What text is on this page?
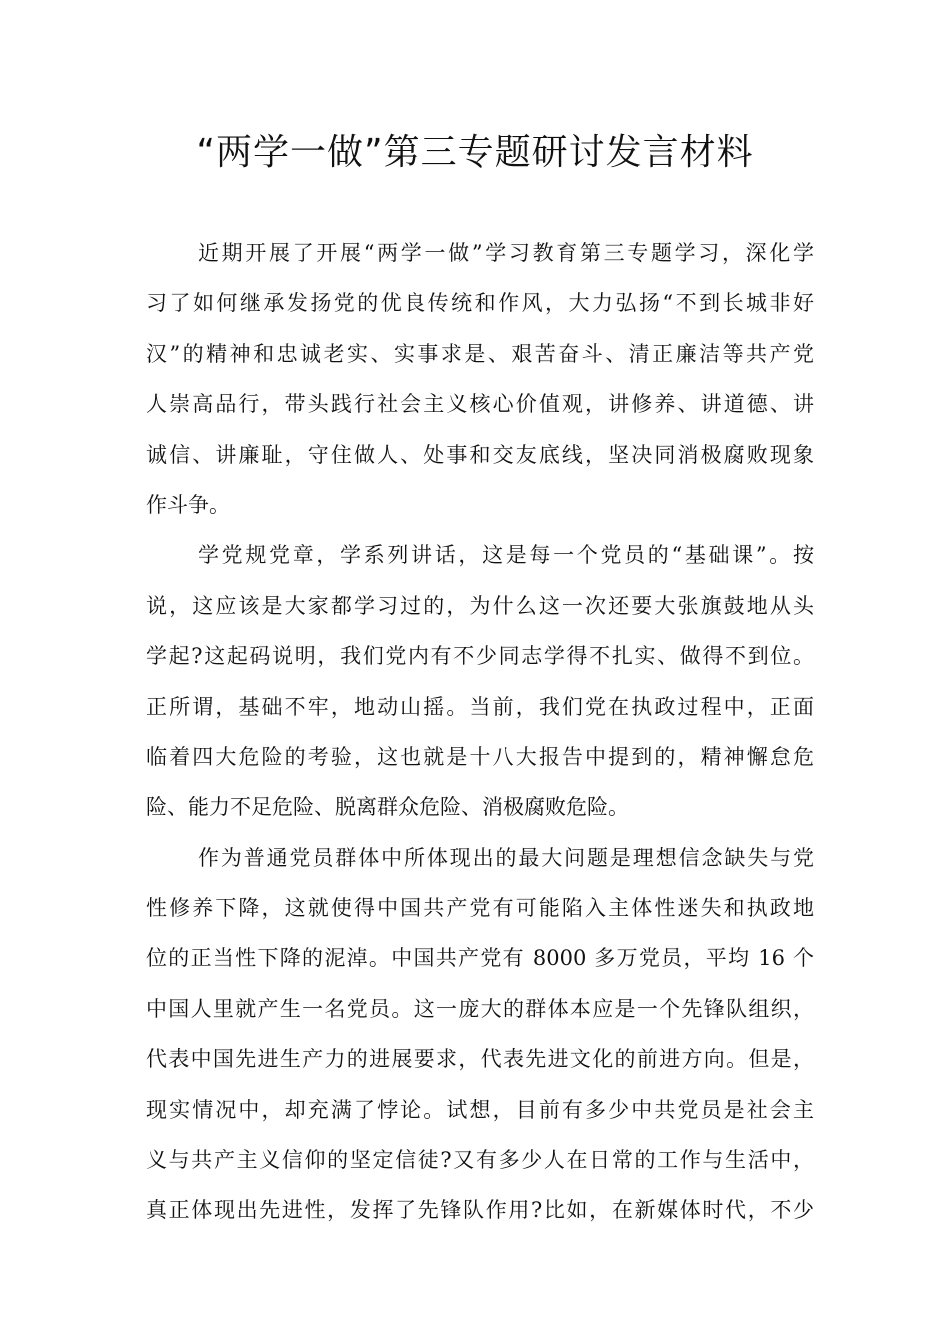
“两学一做”第三专题研讨发言材料

近期开展了开展“两学一做”学习教育第三专题学习，深化学
习了如何继承发扬党的优良传统和作风，大力弘扬“不到长城非好
汉”的精神和忠诚老实、实事求是、艰苦奋斗、清正廉洁等共产党
人崇高品行，带头践行社会主义核心价值观，讲修养、讲道德、讲
诚信、讲廉耻，守住做人、处事和交友底线，坚决同消极腐败现象
作斗争。

学党规党章，学系列讲话，这是每一个党员的“基础课”。按
说，这应该是大家都学习过的，为什么这一次还要大张旗鼓地从头
学起?这起码说明，我们党内有不少同志学得不扎实、做得不到位。
正所谓，基础不牢，地动山摇。当前，我们党在执政过程中，正面
临着四大危险的考验，这也就是十八大报告中提到的，精神懈怠危
险、能力不足危险、脱离群众危险、消极腐败危险。

作为普通党员群体中所体现出的最大问题是理想信念缺失与党
性修养下降，这就使得中国共产党有可能陷入主体性迷失和执政地
位的正当性下降的泥淖。中国共产党有 8000 多万党员，平均 16 个
中国人里就产生一名党员。这一庞大的群体本应是一个先锋队组织，
代表中国先进生产力的进展要求，代表先进文化的前进方向。但是，
现实情况中，却充满了悖论。试想，目前有多少中共党员是社会主
义与共产主义信仰的坚定信徒?又有多少人在日常的工作与生活中，
真正体现出先进性，发挥了先锋队作用?比如，在新媒体时代，不少
